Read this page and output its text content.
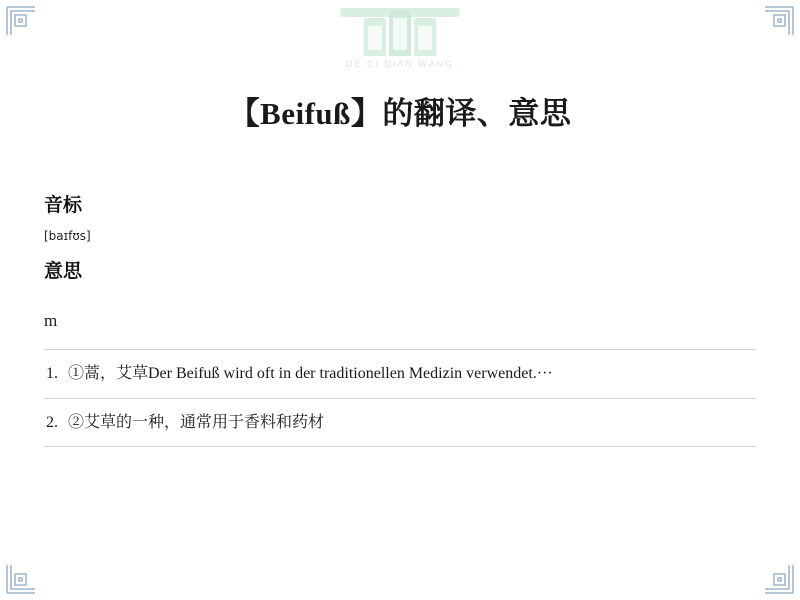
DE CI DIAN WANG
【Beifuß】的翻译、意思
音标

[baɪfʊs]

意思

m

1. ①蒿，艾草Der Beifuß wird oft in der traditionellen Medizin verwendet.···
2. ②艾草的一种，通常用于香料和药材
